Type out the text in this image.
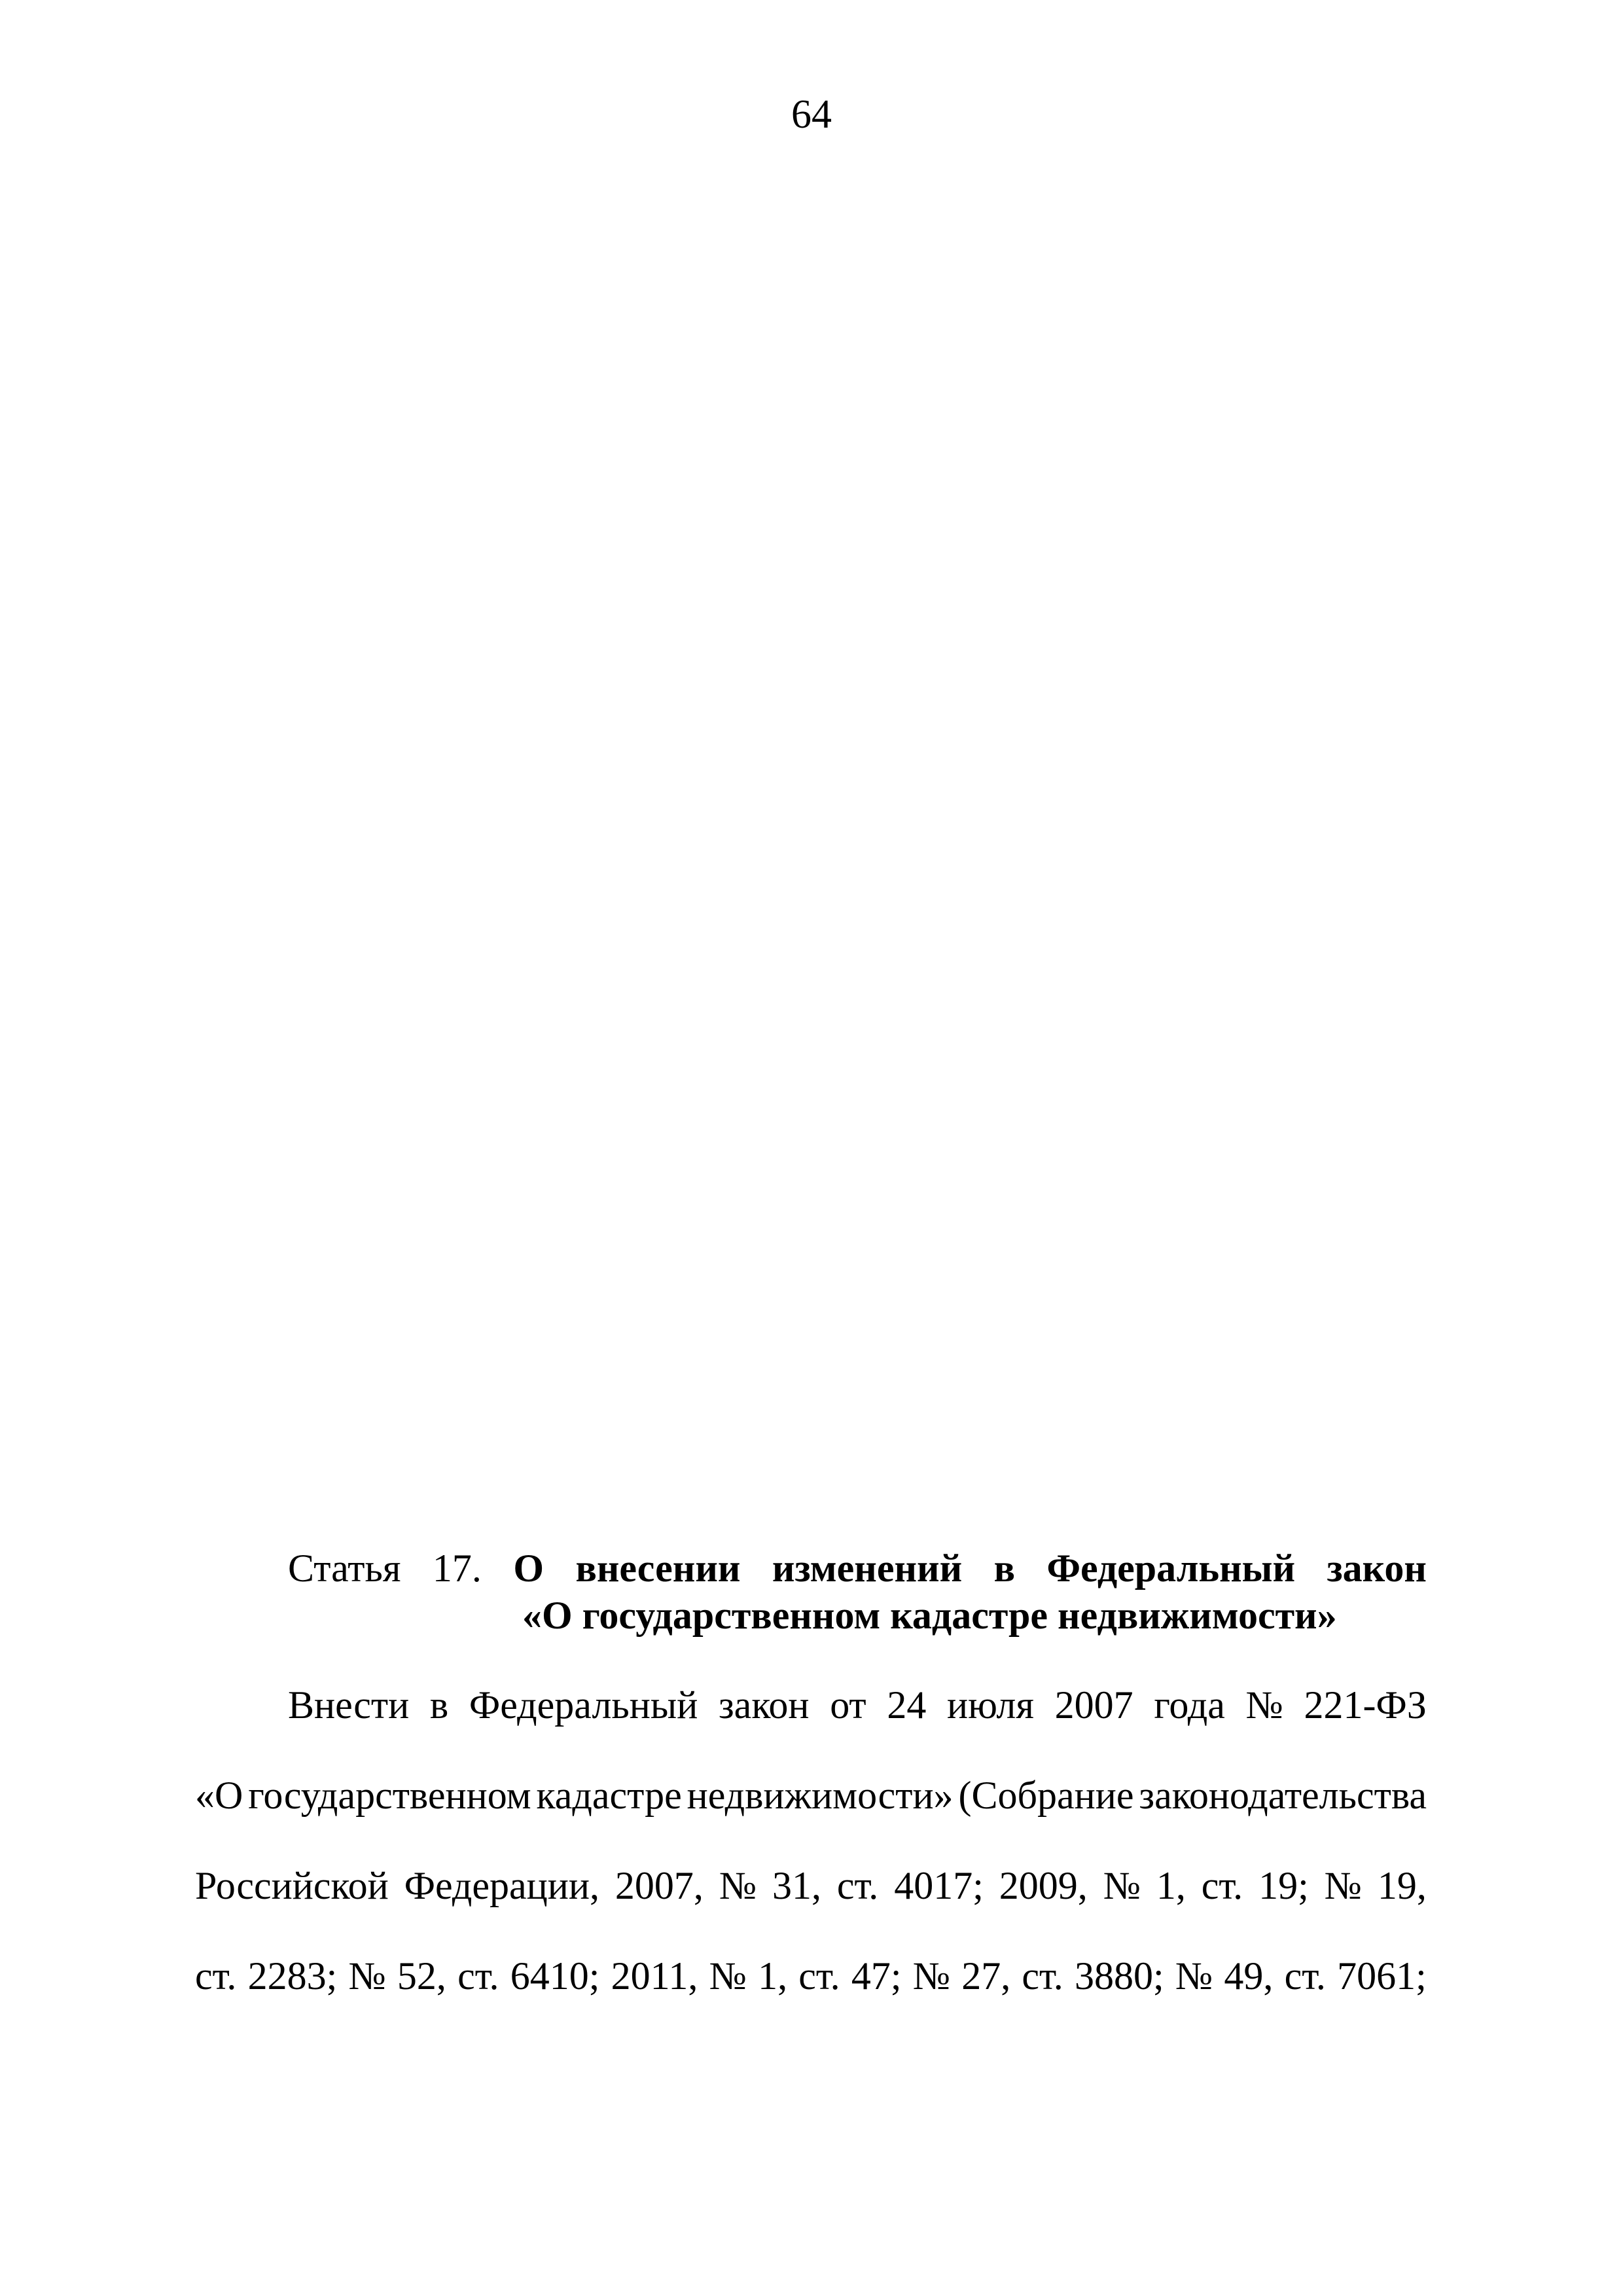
64
Статья 17. О внесении изменений в Федеральный закон
«О государственном кадастре недвижимости»
Внести в Федеральный закон от 24 июля 2007 года № 221-ФЗ
«О государственном кадастре недвижимости» (Собрание законодательства
Российской Федерации, 2007, № 31, ст. 4017; 2009, № 1, ст. 19; № 19,
ст. 2283; № 52, ст. 6410; 2011, № 1, ст. 47; № 27, ст. 3880; № 49, ст. 7061;
